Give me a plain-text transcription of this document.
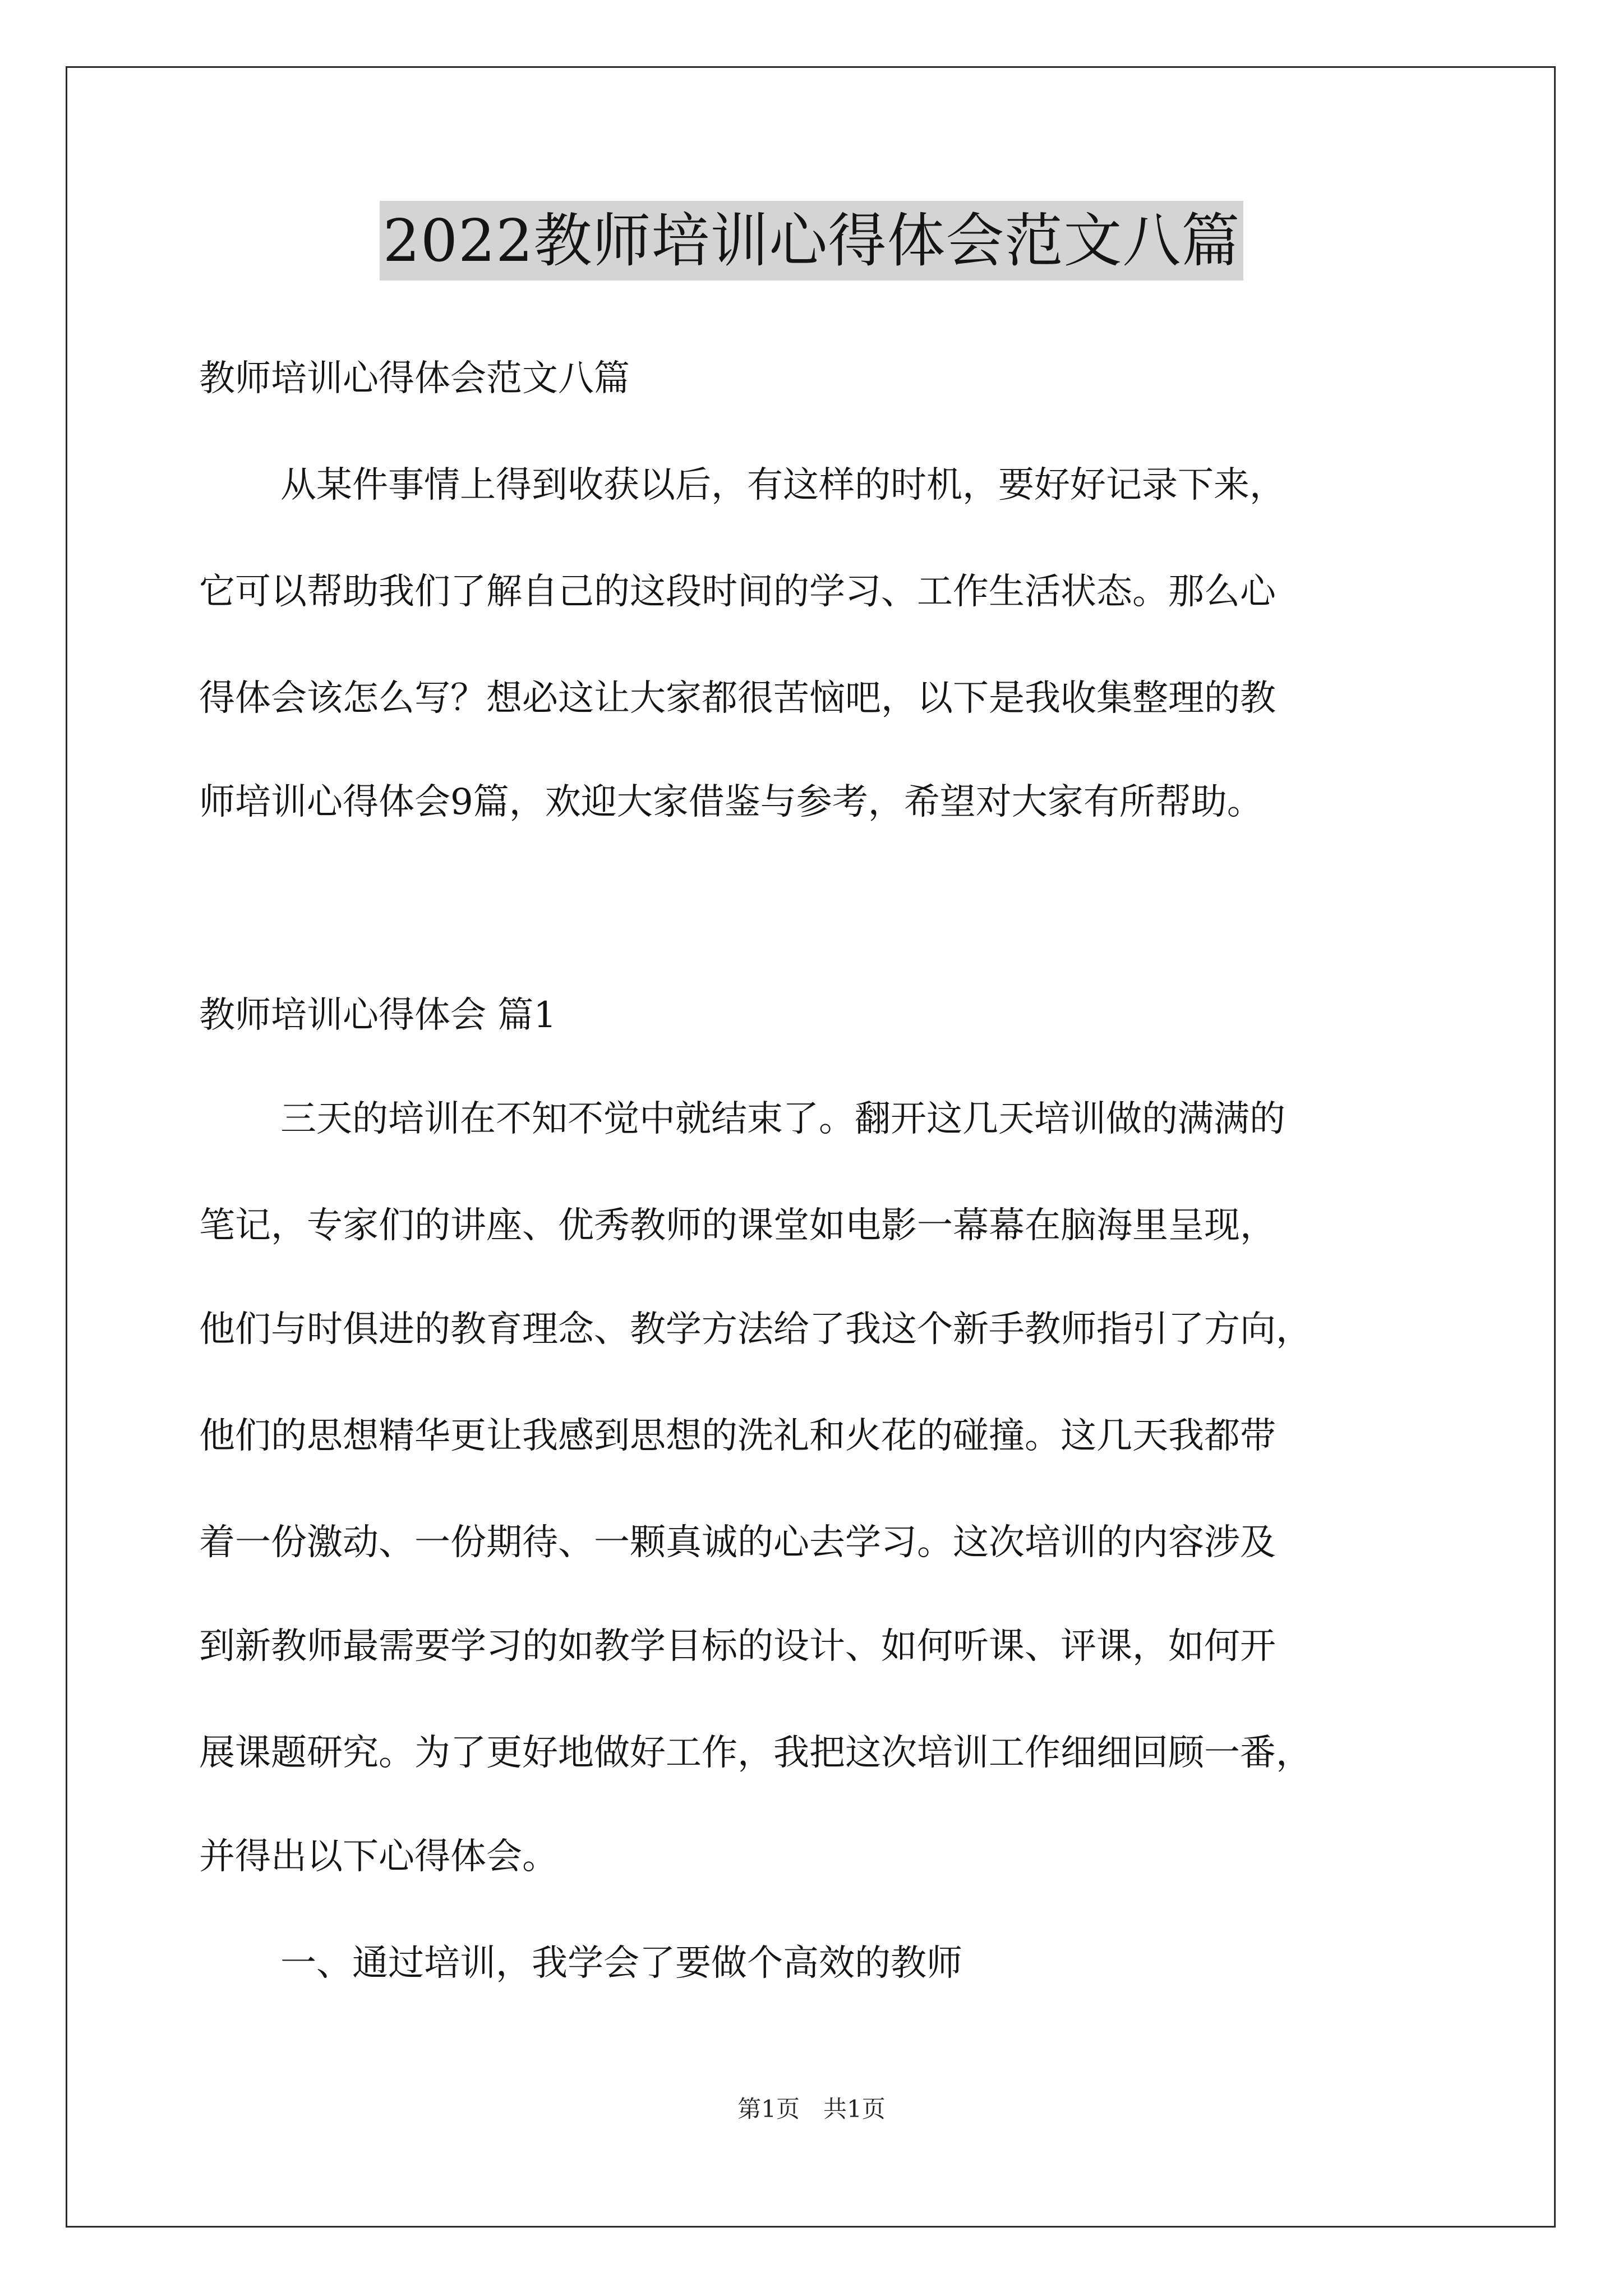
2022教师培训心得体会范文八篇
教师培训心得体会范文八篇
从某件事情上得到收获以后，有这样的时机，要好好记录下来，
它可以帮助我们了解自己的这段时间的学习、工作生活状态。那么心
得体会该怎么写？想必这让大家都很苦恼吧，以下是我收集整理的教
师培训心得体会9篇，欢迎大家借鉴与参考，希望对大家有所帮助。
教师培训心得体会 篇1
三天的培训在不知不觉中就结束了。翻开这几天培训做的满满的
笔记，专家们的讲座、优秀教师的课堂如电影一幕幕在脑海里呈现，
他们与时俱进的教育理念、教学方法给了我这个新手教师指引了方向，
他们的思想精华更让我感到思想的洗礼和火花的碰撞。这几天我都带
着一份激动、一份期待、一颗真诚的心去学习。这次培训的内容涉及
到新教师最需要学习的如教学目标的设计、如何听课、评课，如何开
展课题研究。为了更好地做好工作，我把这次培训工作细细回顾一番，
并得出以下心得体会。
一、通过培训，我学会了要做个高效的教师
第1页　共1页
